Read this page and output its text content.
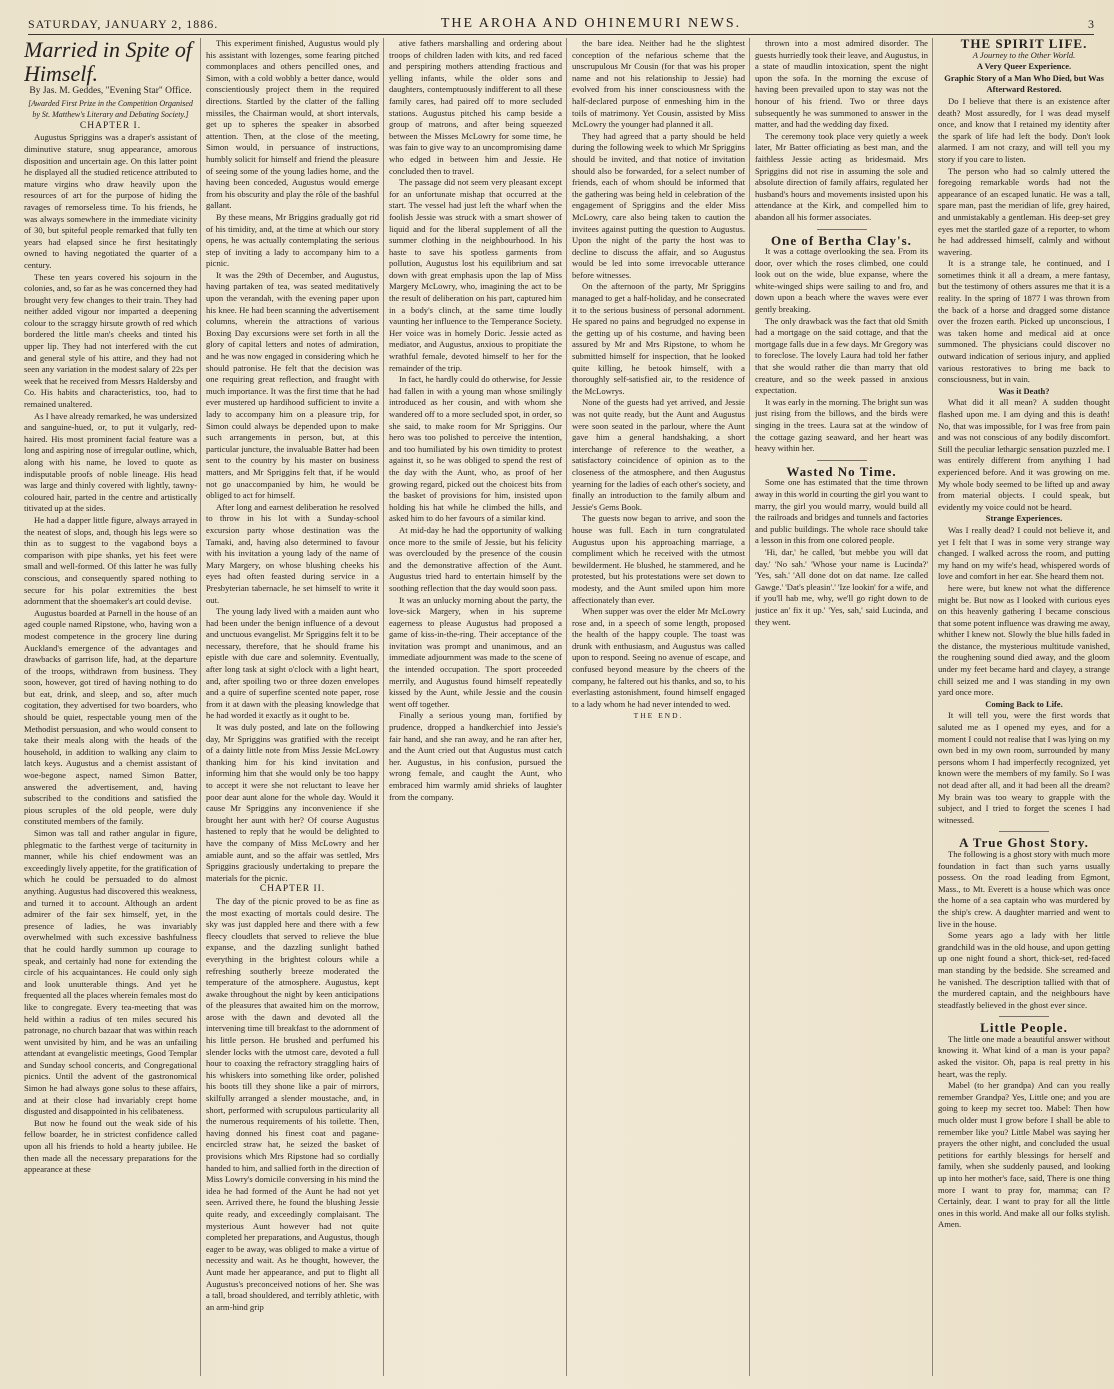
SATURDAY, JANUARY 2, 1886.	THE AROHA AND OHINEMURI NEWS.	3

Married in Spite of Himself.

By Jas. M. Geddes, "Evening Star" Office.

[Awarded First Prize in the Competition Organised by St. Matthew's Literary and Debating Society.]

CHAPTER I.

Augustus Spriggins was a draper's assistant of diminutive stature, snug appearance, amorous disposition and uncertain age. On this latter point he displayed all the studied reticence attributed to mature virgins who draw heavily upon the resources of art for the purpose of hiding the ravages of remorseless time. To his friends, he was always somewhere in the immediate vicinity of 30, but spiteful people remarked that fully ten years had elapsed since he first hesitatingly owned to having negotiated the quarter of a century.

These ten years covered his sojourn in the colonies, and, so far as he was concerned they had brought very few changes to their train. They had neither added vigour nor imparted a deepening colour to the scraggy hirsute growth of red which bordered the little man's cheeks and tinted his upper lip. They had not interfered with the cut and general style of his attire, and they had not seen any variation in the modest salary of 22s per week that he received from Messrs Haldersby and Co. His habits and characteristics, too, had to remained unaltered.

As I have already remarked, he was undersized and sanguine-hued, or, to put it vulgarly, red-haired. His most prominent facial feature was a long and aspiring nose of irregular outline, which, along with his name, he loved to quote as indisputable proofs of noble lineage. His head was large and thinly covered with lightly, tawny-coloured hair, parted in the centre and artistically titivated up at the sides.

He had a dapper little figure, always arrayed in the neatest of slops, and, though his legs were so thin as to suggest to the vagabond boys a comparison with pipe shanks, yet his feet were small and well-formed. Of this latter he was fully conscious, and consequently spared nothing to secure for his polar extremities the best adornment that the shoemaker's art could devise.

Augustus boarded at Parnell in the house of an aged couple named Ripstone, who, having won a modest competence in the grocery line during Auckland's emergence of the advantages and drawbacks of garrison life, had, at the departure of the troops, withdrawn from business. They soon, however, got tired of having nothing to do but eat, drink, and sleep, and so, after much cogitation, they advertised for two boarders, who should be quiet, respectable young men of the Methodist persuasion, and who would consent to take their meals along with the heads of the household, in addition to walking any claim to latch keys. Augustus and a chemist assistant of woe-begone aspect, named Simon Batter, answered the advertisement, and, having subscribed to the conditions and satisfied the pious scruples of the old people, were duly constituted members of the family.

Simon was tall and rather angular in figure, phlegmatic to the farthest verge of taciturnity in manner, while his chief endowment was an exceedingly lively appetite, for the gratification of which he could be persuaded to do almost anything. Augustus had discovered this weakness, and turned it to account. Although an ardent admirer of the fair sex himself, yet, in the presence of ladies, he was invariably overwhelmed with such excessive bashfulness that he could hardly summon up courage to speak, and certainly had none for extending the circle of his acquaintances. He could only sigh and look unutterable things. And yet he frequented all the places wherein females most do like to congregate. Every tea-meeting that was held within a radius of ten miles secured his patronage, no church bazaar that was within reach went unvisited by him, and he was an unfailing attendant at evangelistic meetings, Good Templar and Sunday school concerts, and Congregational picnics. Until the advent of the gastronomical Simon he had always gone solus to these affairs, and at their close had invariably crept home disgusted and disappointed in his celibateness.

But now he found out the weak side of his fellow boarder, he in strictest confidence called upon all his friends to hold a hearty jubilee. He then made all the necessary preparations for the appearance at these

This experiment finished, Augustus would ply his assistant with lozenges, some fearing pitched commonplaces and others pencilled ones, and Simon, with a cold wobbly a better dance, would conscientiously project them in the required directions. Startled by the clatter of the falling missiles, the Chairman would, at short intervals, get up to spheres the speaker in absorbed attention. Then, at the close of the meeting, Simon would, in persuance of instructions, humbly solicit for himself and friend the pleasure of seeing some of the young ladies home, and the having been conceded, Augustus would emerge from his obscurity and play the rôle of the bashful gallant.

By these means, Mr Briggins gradually got rid of his timidity, and, at the time at which our story opens, he was actually contemplating the serious step of inviting a lady to accompany him to a picnic.

It was the 29th of December, and Augustus, having partaken of tea, was seated meditatively upon the verandah, with the evening paper upon his knee. He had been scanning the advertisement columns, wherein the attractions of various Boxing Day excursions were set forth in all the glory of capital letters and notes of admiration, and he was now engaged in considering which he should patronise. He felt that the decision was one requiring great reflection, and fraught with much importance. It was the first time that he had ever mustered up hardihood sufficient to invite a lady to accompany him on a pleasure trip, for Simon could always be depended upon to make such arrangements in person, but, at this particular juncture, the invaluable Batter had been sent to the country by his master on business matters, and Mr Spriggins felt that, if he would not go unaccompanied by him, he would be obliged to act for himself.

After long and earnest deliberation he resolved to throw in his lot with a Sunday-school excursion party whose destination was the Tamaki, and, having also determined to favour with his invitation a young lady of the name of Mary Margery, on whose blushing cheeks his eyes had often feasted during service in a Presbyterian tabernacle, he set himself to write it out.

The young lady lived with a maiden aunt who had been under the benign influence of a devout and unctuous evangelist. Mr Spriggins felt it to be necessary, therefore, that he should frame his epistle with due care and solemnity. Eventually, after long task at sight o'clock with a light heart, and, after spoiling two or three dozen envelopes and a quire of superfine scented note paper, rose from it at dawn with the pleasing knowledge that he had worded it exactly as it ought to be.

It was duly posted, and late on the following day, Mr Spriggins was gratified with the receipt of a dainty little note from Miss Jessie McLowry thanking him for his kind invitation and informing him that she would only be too happy to accept it were she not reluctant to leave her poor dear aunt alone for the whole day. Would it cause Mr Spriggins any inconvenience if she brought her aunt with her? Of course Augustus hastened to reply that he would be delighted to have the company of Miss McLowry and her amiable aunt, and so the affair was settled, Mrs Spriggins graciously undertaking to prepare the materials for the picnic.

CHAPTER II.

The day of the picnic proved to be as fine as the most exacting of mortals could desire. The sky was just dappled here and there with a few fleecy cloudlets that served to relieve the blue expanse, and the dazzling sunlight bathed everything in the brightest colours while a refreshing southerly breeze moderated the temperature of the atmosphere. Augustus, kept awake throughout the night by keen anticipations of the pleasures that awaited him on the morrow, arose with the dawn and devoted all the intervening time till breakfast to the adornment of his little person. He brushed and perfumed his slender locks with the utmost care, devoted a full hour to coaxing the refractory straggling hairs of his whiskers into something like order, polished his boots till they shone like a pair of mirrors, skilfully arranged a slender moustache, and, in short, performed with scrupulous particularity all the numerous requirements of his toilette. Then, having donned his finest coat and pagane-encircled straw hat, he seized the basket of provisions which Mrs Ripstone had so cordially handed to him, and sallied forth in the direction of Miss Lowry's domicile conversing in his mind the idea he had formed of the Aunt he had not yet seen. Arrived there, he found the blushing Jessie quite ready, and exceedingly complaisant. The mysterious Aunt however had not quite completed her preparations, and Augustus, though eager to be away, was obliged to make a virtue of necessity and wait. As he thought, however, the Aunt made her appearance, and put to flight all Augustus's preconceived notions of her. She was a tall, broad shouldered, and terribly athletic, with an arm-hind grip

ative fathers marshalling and ordering about troops of children laden with kits, and red faced and perspiring mothers attending fractious and yelling infants, while the older sons and daughters, contemptuously indifferent to all these family cares, had paired off to more secluded stations. Augustus pitched his camp beside a group of matrons, and after being squeezed between the Misses McLowry for some time, he was fain to give way to an uncompromising dame who edged in between him and Jessie. He concluded then to travel.

The passage did not seem very pleasant except for an unfortunate mishap that occurred at the start. The vessel had just left the wharf when the foolish Jessie was struck with a smart shower of liquid and for the liberal supplement of all the summer clothing in the neighbourhood. In his haste to save his spotless garments from pollution, Augustus lost his equilibrium and sat down with great emphasis upon the lap of Miss Margery McLowry, who, imagining the act to be the result of deliberation on his part, captured him in a body's clinch, at the same time loudly vaunting her influence to the Temperance Society. Her voice was in homely Doric. Jessie acted as mediator, and Augustus, anxious to propitiate the wrathful female, devoted himself to her for the remainder of the trip.

In fact, he hardly could do otherwise, for Jessie had fallen in with a young man whose smilingly introduced as her cousin, and with whom she wandered off to a more secluded spot, in order, so she said, to make room for Mr Spriggins. Our hero was too polished to perceive the intention, and too humiliated by his own timidity to protest against it, so he was obliged to spend the rest of the day with the Aunt, who, as proof of her growing regard, picked out the choicest bits from the basket of provisions for him, insisted upon holding his hat while he climbed the hills, and asked him to do her favours of a similar kind.

At mid-day he had the opportunity of walking once more to the smile of Jessie, but his felicity was overclouded by the presence of the cousin and the demonstrative affection of the Aunt. Augustus tried hard to entertain himself by the soothing reflection that the day would soon pass.

It was an unlucky morning about the party, the love-sick Margery, when in his supreme eagerness to please Augustus had proposed a game of kiss-in-the-ring. Their acceptance of the invitation was prompt and unanimous, and an immediate adjournment was made to the scene of the intended occupation. The sport proceeded merrily, and Augustus found himself repeatedly kissed by the Aunt, while Jessie and the cousin went off together.

Finally a serious young man, fortified by prudence, dropped a handkerchief into Jessie's fair hand, and she ran away, and he ran after her, and the Aunt cried out that Augustus must catch her. Augustus, in his confusion, pursued the wrong female, and caught the Aunt, who embraced him warmly amid shrieks of laughter from the company.

the bare idea. Neither had he the slightest conception of the nefarious scheme that the unscrupulous Mr Cousin (for that was his proper name and not his relationship to Jessie) had evolved from his inner consciousness with the half-declared purpose of enmeshing him in the toils of matrimony. Yet Cousin, assisted by Miss McLowry the younger had planned it all.

They had agreed that a party should be held during the following week to which Mr Spriggins should be invited, and that notice of invitation should also be forwarded, for a select number of friends, each of whom should be informed that the gathering was being held in celebration of the engagement of Spriggins and the elder Miss McLowry, care also being taken to caution the invitees against putting the question to Augustus. Upon the night of the party the host was to decline to discuss the affair, and so Augustus would be led into some irrevocable utterance before witnesses.

On the afternoon of the party, Mr Spriggins managed to get a half-holiday, and he consecrated it to the serious business of personal adornment. He spared no pains and begrudged no expense in the getting up of his costume, and having been assured by Mr and Mrs Ripstone, to whom he submitted himself for inspection, that he looked quite killing, he betook himself, with a thoroughly self-satisfied air, to the residence of the McLowrys.

None of the guests had yet arrived, and Jessie was not quite ready, but the Aunt and Augustus were soon seated in the parlour, where the Aunt gave him a general handshaking, a short interchange of reference to the weather, a satisfactory coincidence of opinion as to the closeness of the atmosphere, and then Augustus yearning for the ladies of each other's society, and finally an introduction to the family album and Jessie's Gems Book.

The guests now began to arrive, and soon the house was full. Each in turn congratulated Augustus upon his approaching marriage, a compliment which he received with the utmost bewilderment. He blushed, he stammered, and he protested, but his protestations were set down to modesty, and the Aunt smiled upon him more affectionately than ever.

When supper was over the elder Mr McLowry rose and, in a speech of some length, proposed the health of the happy couple. The toast was drunk with enthusiasm, and Augustus was called upon to respond. Seeing no avenue of escape, and confused beyond measure by the cheers of the company, he faltered out his thanks, and so, to his everlasting astonishment, found himself engaged to a lady whom he had never intended to wed.

THE END.

thrown into a most admired disorder. The guests hurriedly took their leave, and Augustus, in a state of maudlin intoxication, spent the night upon the sofa. In the morning the excuse of having been prevailed upon to stay was not the honour of his friend. Two or three days subsequently he was summoned to answer in the matter, and had the wedding day fixed.

The ceremony took place very quietly a week later, Mr Batter officiating as best man, and the faithless Jessie acting as bridesmaid. Mrs Spriggins did not rise in assuming the sole and absolute direction of family affairs, regulated her husband's hours and movements insisted upon his attendance at the Kirk, and compelled him to abandon all his former associates.

One of Bertha Clay's.

It was a cottage overlooking the sea. From its door, over which the roses climbed, one could look out on the wide, blue expanse, where the white-winged ships were sailing to and fro, and down upon a beach where the waves were ever gently breaking.

The only drawback was the fact that old Smith had a mortgage on the said cottage, and that the mortgage falls due in a few days. Mr Gregory was to foreclose. The lovely Laura had told her father that she would rather die than marry that old creature, and so the week passed in anxious expectation.

It was early in the morning. The bright sun was just rising from the billows, and the birds were singing in the trees. Laura sat at the window of the cottage gazing seaward, and her heart was heavy within her.

Wasted No Time.

Some one has estimated that the time thrown away in this world in courting the girl you want to marry, the girl you would marry, would build all the railroads and bridges and tunnels and factories and public buildings. The whole race should take a lesson in this from one colored people.

'Hi, dar,' he called, 'but mebbe you will dat day.' 'No sah.' 'Whose your name is Lucinda?' 'Yes, sah.' 'All done dot on dat name. Ize called Gawge.' 'Dat's pleasin'.' 'Ize lookin' for a wife, and if you'll hab me, why, we'll go right down to de justice an' fix it up.' 'Yes, sah,' said Lucinda, and they went.

THE SPIRIT LIFE.

A Journey to the Other World.

A Very Queer Experience.

Graphic Story of a Man Who Died, but Was Afterward Restored.

Do I believe that there is an existence after death? Most assuredly, for I was dead myself once, and know that I retained my identity after the spark of life had left the body. Don't look alarmed. I am not crazy, and will tell you my story if you care to listen.

The person who had so calmly uttered the foregoing remarkable words had not the appearance of an escaped lunatic. He was a tall, spare man, past the meridian of life, grey haired, and unmistakably a gentleman. His deep-set grey eyes met the startled gaze of a reporter, to whom he had addressed himself, calmly and without wavering.

It is a strange tale, he continued, and I sometimes think it all a dream, a mere fantasy, but the testimony of others assures me that it is a reality. In the spring of 1877 I was thrown from the back of a horse and dragged some distance over the frozen earth. Picked up unconscious, I was taken home and medical aid at once summoned. The physicians could discover no outward indication of serious injury, and applied various restoratives to bring me back to consciousness, but in vain.

Was it Death?

What did it all mean? A sudden thought flashed upon me. I am dying and this is death! No, that was impossible, for I was free from pain and was not conscious of any bodily discomfort. Still the peculiar lethargic sensation puzzled me. I was entirely different from anything I had experienced before. And it was growing on me. My whole body seemed to be lifted up and away from material objects. I could speak, but evidently my voice could not be heard.

Strange Experiences.

Was I really dead? I could not believe it, and yet I felt that I was in some very strange way changed. I walked across the room, and putting my hand on my wife's head, whispered words of love and comfort in her ear. She heard them not.

here were, but knew not what the difference might be. But now as I looked with curious eyes on this heavenly gathering I became conscious that some potent influence was drawing me away, whither I knew not. Slowly the blue hills faded in the distance, the mysterious multitude vanished, the roughening sound died away, and the gloom under my feet became hard and clayey, a strange chill seized me and I was standing in my own yard once more.

Coming Back to Life.

It will tell you, were the first words that saluted me as I opened my eyes, and for a moment I could not realise that I was lying on my own bed in my own room, surrounded by many persons whom I had imperfectly recognized, yet known were the members of my family. So I was not dead after all, and it had been all the dream? My brain was too weary to grapple with the subject, and I tried to forget the scenes I had witnessed.

A True Ghost Story.

The following is a ghost story with much more foundation in fact than such yarns usually possess. On the road leading from Egmont, Mass., to Mt. Everett is a house which was once the home of a sea captain who was murdered by the ship's crew. A daughter married and went to live in the house.

Some years ago a lady with her little grandchild was in the old house, and upon getting up one night found a short, thick-set, red-faced man standing by the bedside. She screamed and he vanished. The description tallied with that of the murdered captain, and the neighbours have steadfastly believed in the ghost ever since.

Little People.

The little one made a beautiful answer without knowing it. What kind of a man is your papa? asked the visitor. Oh, papa is real pretty in his heart, was the reply.

Mabel (to her grandpa) And can you really remember Grandpa? Yes, Little one; and you are going to keep my secret too. Mabel: Then how much older must I grow before I shall be able to remember like you? Little Mabel was saying her prayers the other night, and concluded the usual petitions for earthly blessings for herself and family, when she suddenly paused, and looking up into her mother's face, said, There is one thing more I want to pray for, mamma; can I? Certainly, dear. I want to pray for all the little ones in this world. And make all our folks stylish. Amen.
